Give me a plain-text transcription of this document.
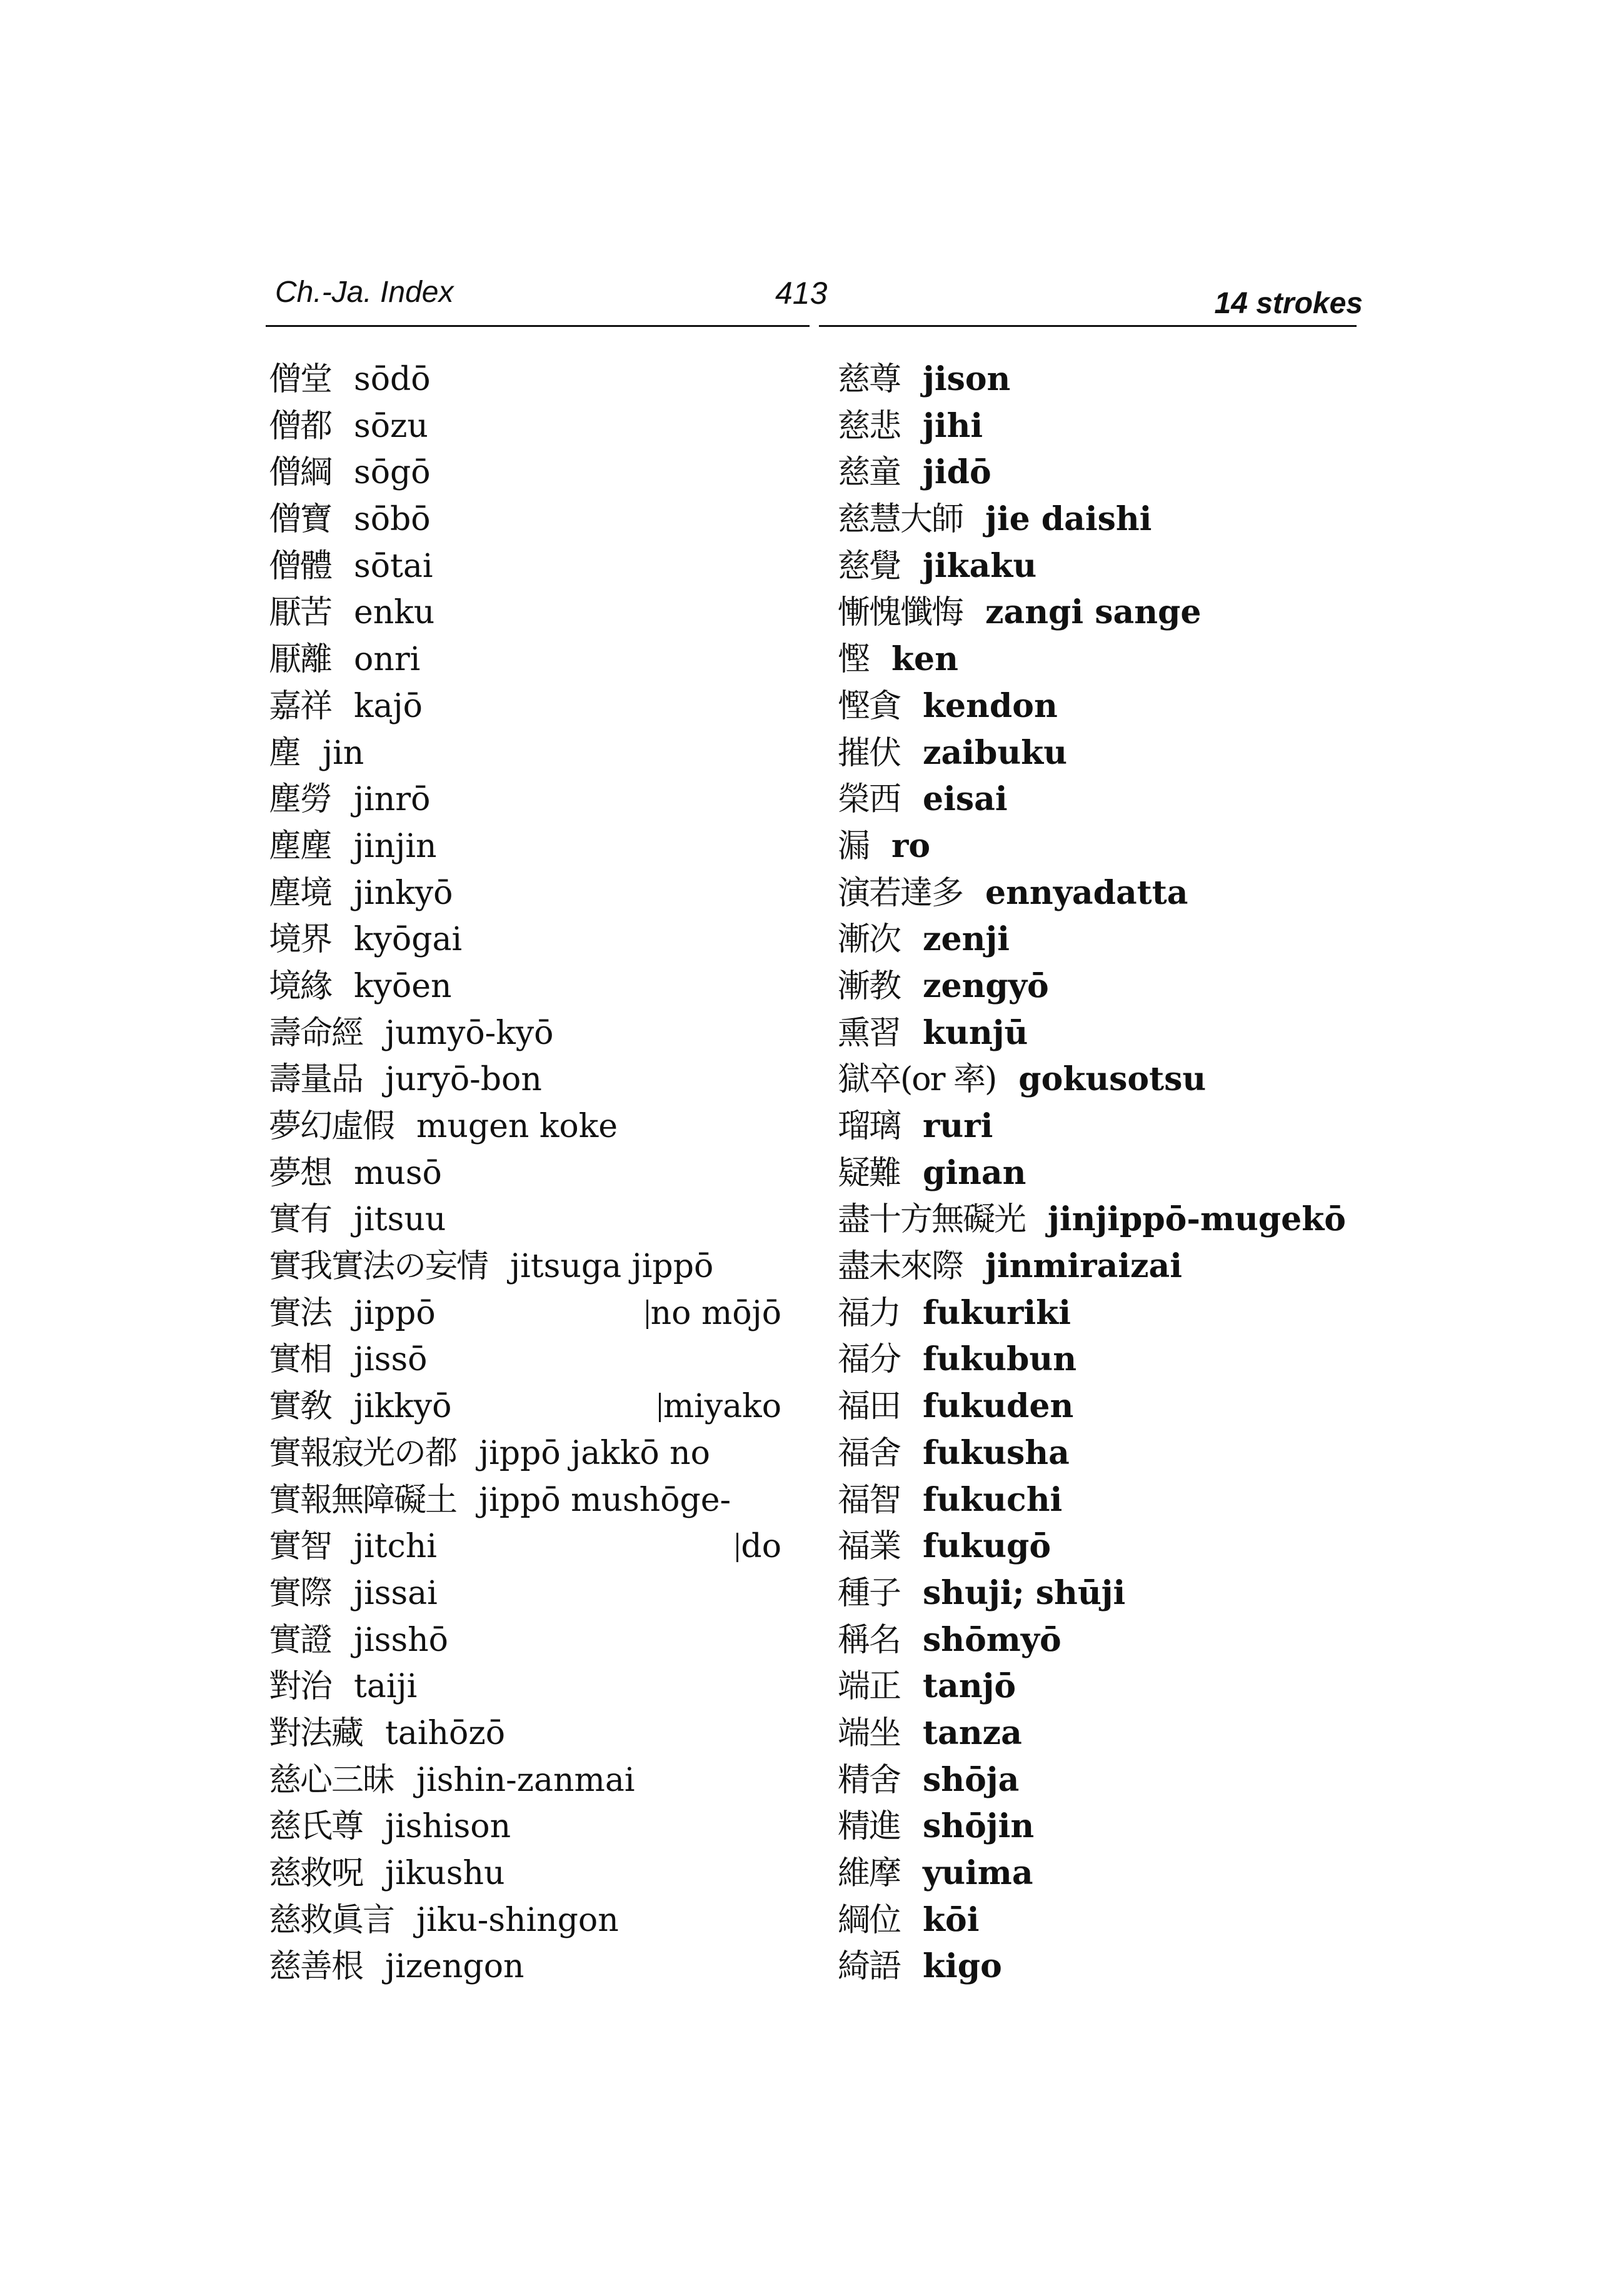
Ch.-Ja. Index	413	14 strokes
僧堂 sōdō
僧都 sōzu
僧綱 sōgō
僧寶 sōbō
僧體 sōtai
厭苦 enku
厭離 onri
嘉祥 kajō
塵 jin
塵勞 jinrō
塵塵 jinjin
塵境 jinkyō
境界 kyōgai
境緣 kyōen
壽命經 jumyō-kyō
壽量品 juryō-bon
夢幻虛假 mugen koke
夢想 musō
實有 jitsuu
實我實法の妄情 jitsuga jippō
實法 jippō	no mōjō
實相 jissō
實敎 jikkyō	miyako
實報寂光の都 jippō jakkō no
實報無障礙土 jippō mushōge-
實智 jitchi	do
實際 jissai
實證 jisshō
對治 taiji
對法藏 taihōzō
慈心三昧 jishin-zanmai
慈氏尊 jishison
慈救呪 jikushu
慈救眞言 jiku-shingon
慈善根 jizengon
慈尊 jison
慈悲 jihi
慈童 jidō
慈慧大師 jie daishi
慈覺 jikaku
慚愧懺悔 zangi sange
慳 ken
慳貪 kendon
摧伏 zaibuku
榮西 eisai
漏 ro
演若達多 ennyadatta
漸次 zenji
漸教 zengyō
熏習 kunjū
獄卒(or 率) gokusotsu
瑠璃 ruri
疑難 ginan
盡十方無礙光 jinjippō-mugekō
盡未來際 jinmiraizai
福力 fukuriki
福分 fukubun
福田 fukuden
福舍 fukusha
福智 fukuchi
福業 fukugō
種子 shuji; shūji
稱名 shōmyō
端正 tanjō
端坐 tanza
精舍 shōja
精進 shōjin
維摩 yuima
綱位 kōi
綺語 kigo
